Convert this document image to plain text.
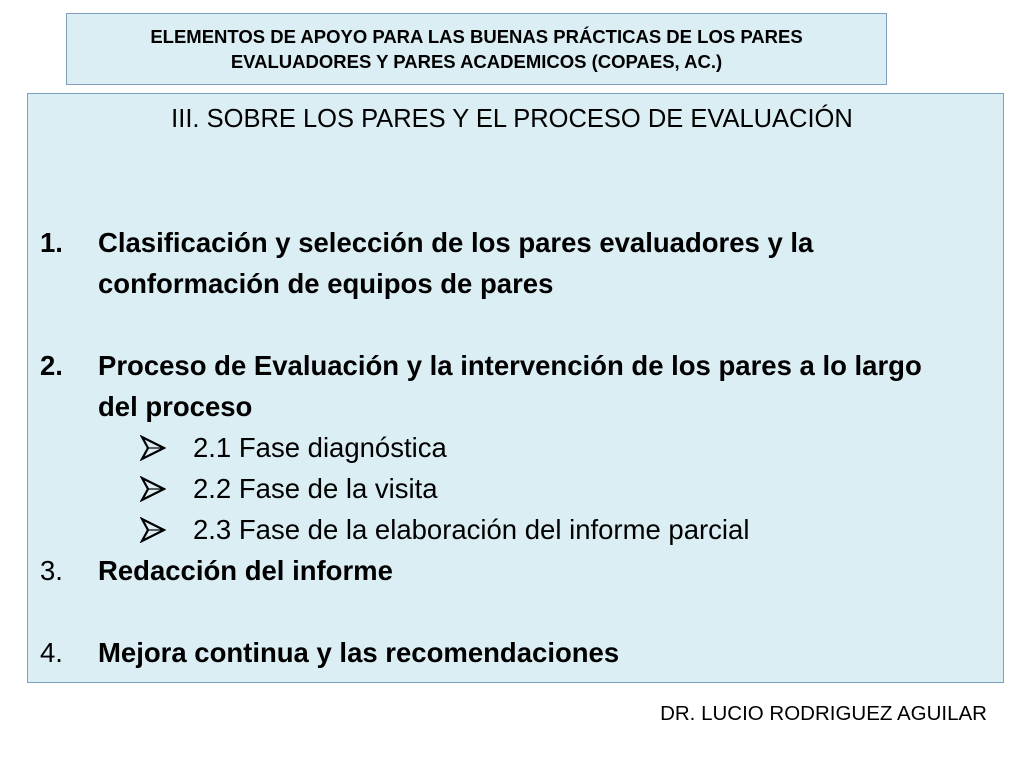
ELEMENTOS DE APOYO PARA LAS BUENAS PRÁCTICAS DE LOS PARES
EVALUADORES Y PARES ACADEMICOS (COPAES, AC.)
III. SOBRE LOS PARES Y EL PROCESO DE EVALUACIÓN
1. Clasificación y selección de los pares evaluadores y la
conformación de equipos de pares
2. Proceso de Evaluación y la intervención de los pares a lo largo
del proceso
2.1 Fase diagnóstica
2.2 Fase de la visita
2.3 Fase de la elaboración del informe parcial
3. Redacción del informe
4. Mejora continua y las recomendaciones
DR. LUCIO RODRIGUEZ AGUILAR
